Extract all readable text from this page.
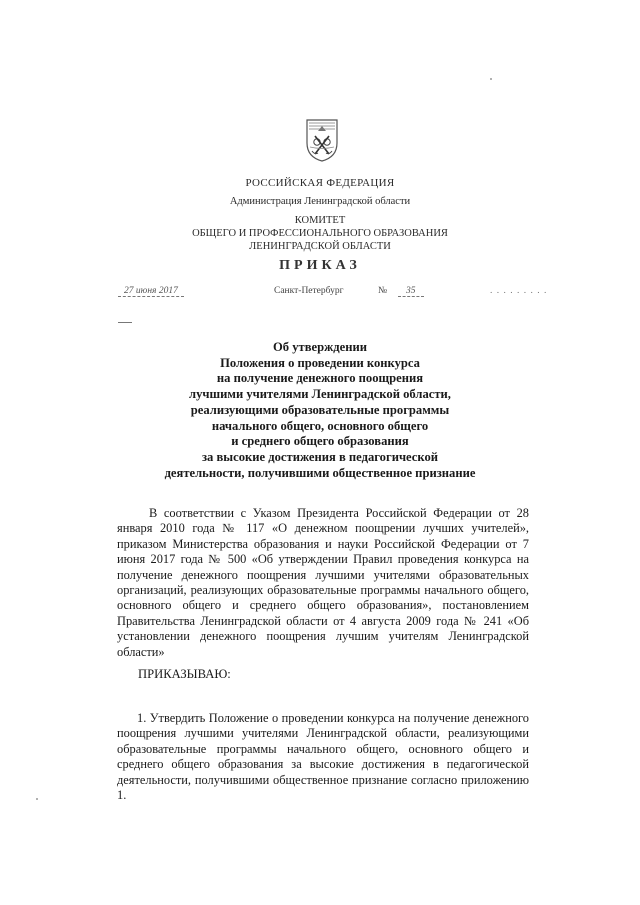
РОССИЙСКАЯ ФЕДЕРАЦИЯ
Администрация Ленинградской области
КОМИТЕТ
ОБЩЕГО И ПРОФЕССИОНАЛЬНОГО ОБРАЗОВАНИЯ
ЛЕНИНГРАДСКОЙ ОБЛАСТИ
ПРИКАЗ
27 июня 2017	Санкт-Петербург	№	35	. . . . . . . . .
Об утверждении
Положения о проведении конкурса
на получение денежного поощрения
лучшими учителями Ленинградской области,
реализующими образовательные программы
начального общего, основного общего
и среднего общего образования
за высокие достижения в педагогической
деятельности, получившими общественное признание
В соответствии с Указом Президента Российской Федерации от 28 января 2010 года № 117 «О денежном поощрении лучших учителей», приказом Министерства образования и науки Российской Федерации от 7 июня 2017 года № 500 «Об утверждении Правил проведения конкурса на получение денежного поощрения лучшими учителями образовательных организаций, реализующих образовательные программы начального общего, основного общего и среднего общего образования», постановлением Правительства Ленинградской области от 4 августа 2009 года № 241 «Об установлении денежного поощрения лучшим учителям Ленинградской области»
ПРИКАЗЫВАЮ:
1. Утвердить Положение о проведении конкурса на получение денежного поощрения лучшими учителями Ленинградской области, реализующими образовательные программы начального общего, основного общего и среднего общего образования за высокие достижения в педагогической деятельности, получившими общественное признание согласно приложению 1.
